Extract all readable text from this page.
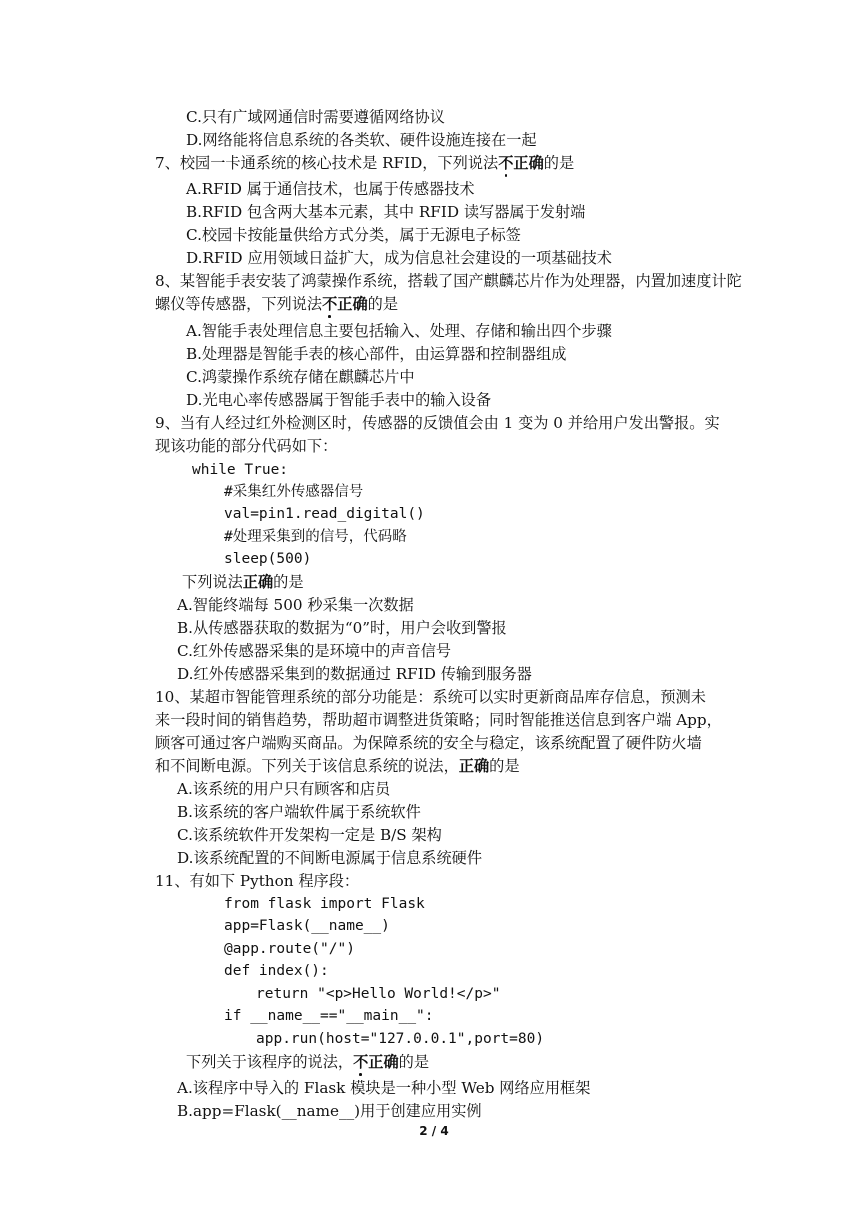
C.只有广域网通信时需要遵循网络协议
D.网络能将信息系统的各类软、硬件设施连接在一起
7、校园一卡通系统的核心技术是 RFID，下列说法不正确的是
A.RFID 属于通信技术，也属于传感器技术
B.RFID 包含两大基本元素，其中 RFID 读写器属于发射端
C.校园卡按能量供给方式分类，属于无源电子标签
D.RFID 应用领域日益扩大，成为信息社会建设的一项基础技术
8、某智能手表安装了鸿蒙操作系统，搭载了国产麒麟芯片作为处理器，内置加速度计陀
螺仪等传感器，下列说法不正确的是
A.智能手表处理信息主要包括输入、处理、存储和输出四个步骤
B.处理器是智能手表的核心部件，由运算器和控制器组成
C.鸿蒙操作系统存储在麒麟芯片中
D.光电心率传感器属于智能手表中的输入设备
9、当有人经过红外检测区时，传感器的反馈值会由 1 变为 0 并给用户发出警报。实
现该功能的部分代码如下：
while True:
#采集红外传感器信号
val=pin1.read_digital()
#处理采集到的信号，代码略
sleep(500)
下列说法正确的是
A.智能终端每 500 秒采集一次数据
B.从传感器获取的数据为“0”时，用户会收到警报
C.红外传感器采集的是环境中的声音信号
D.红外传感器采集到的数据通过 RFID 传输到服务器
10、某超市智能管理系统的部分功能是：系统可以实时更新商品库存信息，预测未
来一段时间的销售趋势，帮助超市调整进货策略；同时智能推送信息到客户端 App，
顾客可通过客户端购买商品。为保障系统的安全与稳定，该系统配置了硬件防火墙
和不间断电源。下列关于该信息系统的说法，正确的是
A.该系统的用户只有顾客和店员
B.该系统的客户端软件属于系统软件
C.该系统软件开发架构一定是 B/S 架构
D.该系统配置的不间断电源属于信息系统硬件
11、有如下 Python 程序段：
from flask import Flask
app=Flask(__name__)
@app.route("/")
def index():
return "<p>Hello World!</p>"
if __name__=="__main__":
app.run(host="127.0.0.1",port=80)
下列关于该程序的说法，不正确的是
A.该程序中导入的 Flask 模块是一种小型 Web 网络应用框架
B.app=Flask(__name__)用于创建应用实例
2 / 4
